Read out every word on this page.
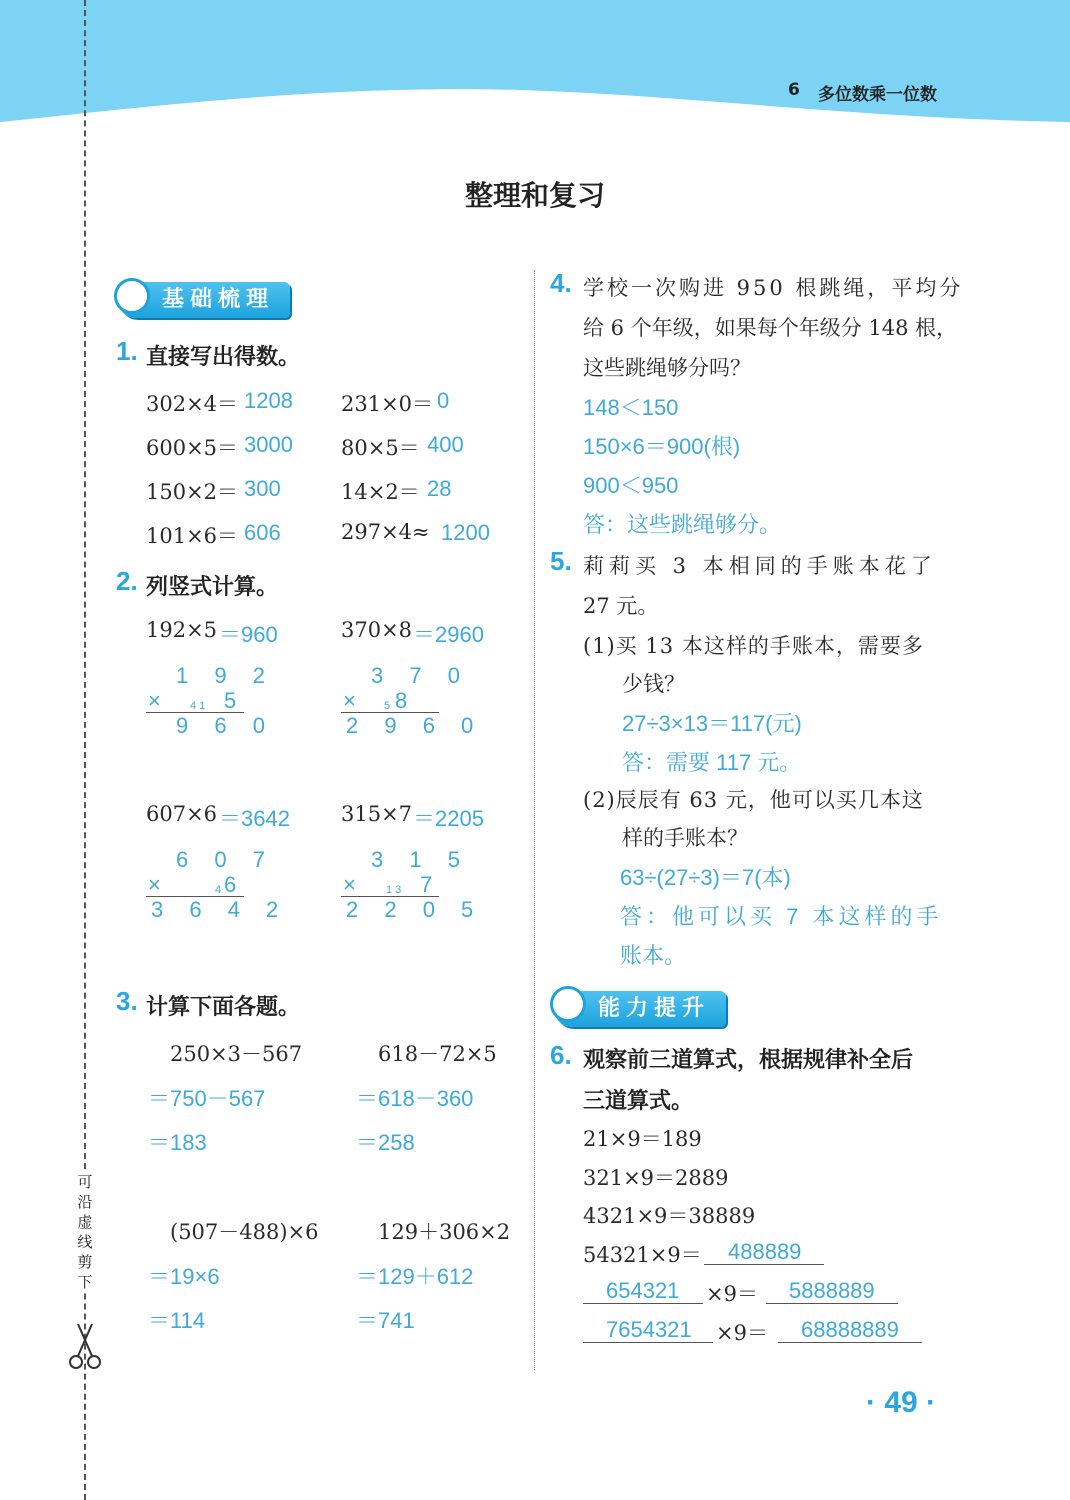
6 多位数乘一位数
可沿虚线剪下
整理和复习
基础梳理
1. 直接写出得数。
302×4＝ 1208 231×0＝ 0
600×5＝ 3000 80×5＝ 400
150×2＝ 300	14×2＝ 28
101×6＝ 606	297×4≈ 1200
2. 列竖式计算。
192×5 ＝960
1 9 2
× 4 1 5
9 6 0
370×8 ＝2960
3 7 0
× 5 8
2 9 6 0
607×6 ＝3642
6 0 7
×	4 6
3 6 4 2
315×7 ＝2205
3 1 5
× 1 3 7
2 2 0 5
3. 计算下面各题。
250×3－567
＝750－567
＝183
618－72×5
＝618－360
＝258
(507－488)×6
＝19×6
＝114
129＋306×2
＝129＋612
＝741
4. 学校一次购进 950 根跳绳，平均分
给 6 个年级，如果每个年级分 148 根，
这些跳绳够分吗？
148＜150
150×6＝900(根)
900＜950
答：这些跳绳够分。
5. 莉莉买 3 本相同的手账本花了
27 元。
(1)买 13 本这样的手账本，需要多
少钱？
27÷3×13＝117(元)
答：需要 117 元。
(2)辰辰有 63 元，他可以买几本这
样的手账本？
63÷(27÷3)＝7(本)
答：他可以买 7 本这样的手
账本。
能力提升
6. 观察前三道算式，根据规律补全后
三道算式。
21×9＝189
321×9＝2889
4321×9＝38889
54321×9＝ 488889
654321 ×9＝ 5888889
7654321 ×9＝ 68888889
· 49 ·
